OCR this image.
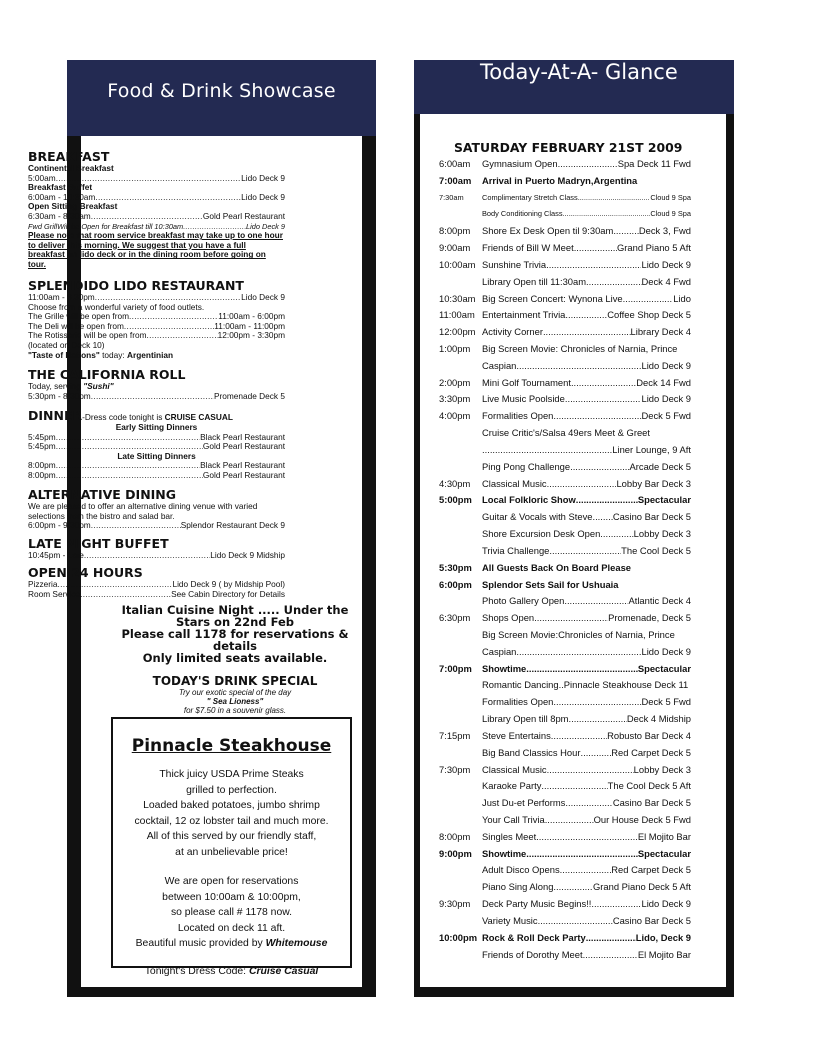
Food & Drink Showcase
Today-At-A- Glance
BREAKFAST
Continental Breakfast
5:00am .....	Lido Deck 9
Breakfast Buffet
6:00am - 10:30am .....	Lido Deck 9
Open Sitting Breakfast
6:30am - 8:30am .....	Gold Pearl Restaurant
Fwd GrillWill be Open for Breakfast till 10:30am .....	Lido Deck 9
Please note that room service breakfast may take up to one hour to deliver this morning. We suggest that you have a full breakfast on lido deck or in the dining room before going on tour.
SPLENDIDO LIDO RESTAURANT
11:00am - 3:30pm .....	Lido Deck 9
Choose from a wonderful variety of food outlets.
The Grille will be open from .....	11:00am - 6:00pm
The Deli will be open from .....	11:00am - 11:00pm
The Rotisserie will be open from .....	12:00pm - 3:30pm
(located on Deck 10)
"Taste of Nations" today: Argentinian
THE CALIFORNIA ROLL
Today, serving "Sushi"
5:30pm - 8:30pm .....	Promenade Deck 5
DINNER-Dress code tonight is CRUISE CASUAL
Early Sitting Dinners
5:45pm .....	Black Pearl Restaurant
5:45pm .....	Gold Pearl Restaurant
Late Sitting Dinners
8:00pm .....	Black Pearl Restaurant
8:00pm .....	Gold Pearl Restaurant
ALTERNATIVE DINING
We are pleased to offer an alternative dining venue with varied selections from the bistro and salad bar.
6:00pm - 9:30pm .....	Splendor Restaurant Deck 9
LATE NIGHT BUFFET
10:45pm - Late .....	Lido Deck 9 Midship
OPEN 24 HOURS
Pizzeria .....	Lido Deck 9 ( by Midship Pool)
Room Service .....	See Cabin Directory for Details
Italian Cuisine Night ..... Under the
Stars on 22nd Feb
Please call 1178 for reservations &
details
Only limited seats available.
TODAY'S DRINK SPECIAL
Try our exotic special of the day
" Sea Lioness"
for $7.50 in a souvenir glass.
Pinnacle Steakhouse
Thick juicy USDA Prime Steaks
grilled to perfection.
Loaded baked potatoes, jumbo shrimp
cocktail, 12 oz lobster tail and much more.
All of this served by our friendly staff,
at an unbelievable price!
We are open for reservations
between 10:00am & 10:00pm,
so please call # 1178 now.
Located on deck 11 aft.
Beautiful music provided by Whitemouse
Tonight's Dress Code: Cruise Casual
SATURDAY FEBRUARY 21ST 2009
6:00am	Gymnasium Open .....	Spa Deck 11 Fwd
7:00am	Arrival in Puerto Madryn,Argentina
7:30am	Complimentary Stretch Class .....	Cloud 9 Spa
Body Conditioning Class .....	Cloud 9 Spa
8:00pm	Shore Ex Desk Open til 9:30am .....	Deck 3, Fwd
9:00am	Friends of Bill W Meet .....	Grand Piano 5 Aft
10:00am Sunshine Trivia .....	Lido Deck 9
Library Open till 11:30am .....	Deck 4 Fwd
10:30am Big Screen Concert: Wynona Live .....	Lido
11:00am Entertainment Trivia .....	Coffee Shop Deck 5
12:00pm Activity Corner .....	Library Deck 4
1:00pm	Big Screen Movie: Chronicles of Narnia, Prince
Caspian .....	Lido Deck 9
2:00pm	Mini Golf Tournament .....	Deck 14 Fwd
3:30pm	Live Music Poolside .....	Lido Deck 9
4:00pm	Formalities Open .....	Deck 5 Fwd
Cruise Critic's/Salsa 49ers Meet & Greet
.....
Liner Lounge, 9 Aft
Ping Pong Challenge .....	Arcade Deck 5
4:30pm	Classical Music .....	Lobby Bar Deck 3
5:00pm	Local Folkloric Show .....	Spectacular
Guitar & Vocals with Steve ..... Casino Bar Deck 5
Shore Excursion Desk Open .....	Lobby Deck 3
Trivia Challenge .....	The Cool Deck 5
5:30pm	All Guests Back On Board Please
6:00pm	Splendor Sets Sail for Ushuaia
Photo Gallery Open .....	Atlantic Deck 4
6:30pm	Shops Open .....	Promenade, Deck 5
Big Screen Movie:Chronicles of Narnia, Prince
Caspian .....	Lido Deck 9
7:00pm	Showtime .....	Spectacular
Romantic Dancing..Pinnacle Steakhouse Deck 11
Formalities Open .....	Deck 5 Fwd
Library Open till 8pm .....	Deck 4 Midship
7:15pm	Steve Entertains .....	Robusto Bar Deck 4
Big Band Classics Hour .....	Red Carpet Deck 5
7:30pm	Classical Music .....	Lobby Deck 3
Karaoke Party .....	The Cool Deck 5 Aft
Just Du-et Performs .....	Casino Bar Deck 5
Your Call Trivia .....	Our House Deck 5 Fwd
8:00pm	Singles Meet .....	El Mojito Bar
9:00pm	Showtime .....	Spectacular
Adult Disco Opens .....	Red Carpet Deck 5
Piano Sing Along .....	Grand Piano Deck 5 Aft
9:30pm	Deck Party Music Begins!! .....	Lido Deck 9
Variety Music .....	Casino Bar Deck 5
10:00pm Rock & Roll Deck Party .....	Lido, Deck 9
Friends of Dorothy Meet .....	El Mojito Bar
